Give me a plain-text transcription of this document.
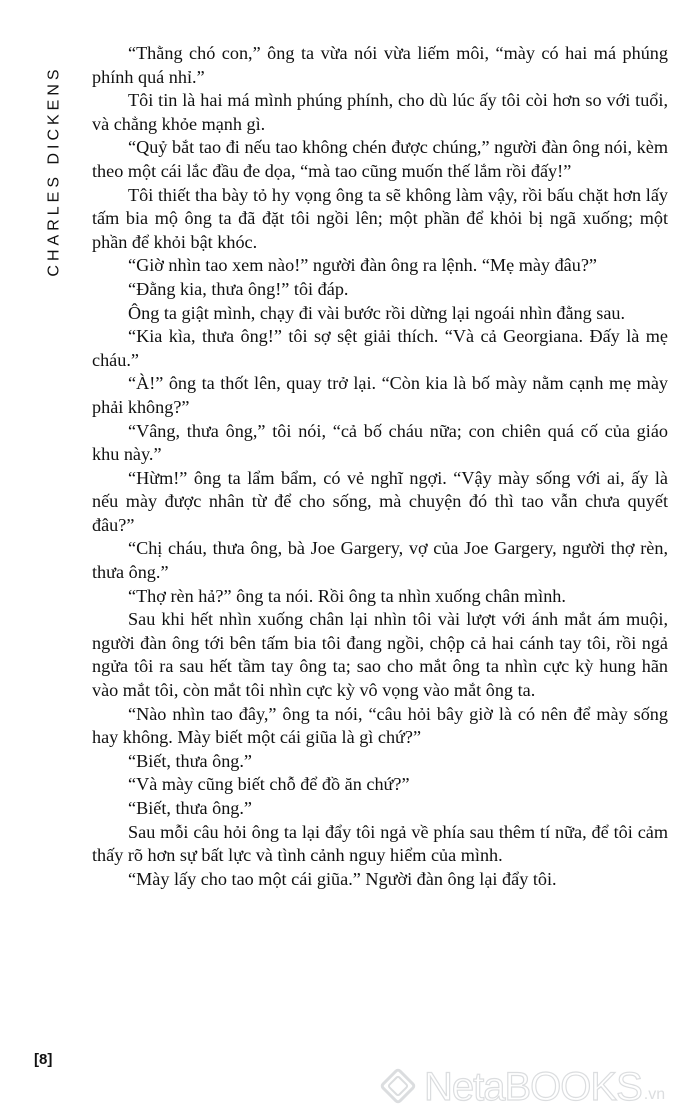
CHARLES DICKENS

“Thằng chó con,” ông ta vừa nói vừa liếm môi, “mày có hai má phúng phính quá nhỉ.”

Tôi tin là hai má mình phúng phính, cho dù lúc ấy tôi còi hơn so với tuổi, và chẳng khỏe mạnh gì.

“Quỷ bắt tao đi nếu tao không chén được chúng,” người đàn ông nói, kèm theo một cái lắc đầu đe dọa, “mà tao cũng muốn thế lắm rồi đấy!”

Tôi thiết tha bày tỏ hy vọng ông ta sẽ không làm vậy, rồi bấu chặt hơn lấy tấm bia mộ ông ta đã đặt tôi ngồi lên; một phần để khỏi bị ngã xuống; một phần để khỏi bật khóc.

“Giờ nhìn tao xem nào!” người đàn ông ra lệnh. “Mẹ mày đâu?”

“Đằng kia, thưa ông!” tôi đáp.

Ông ta giật mình, chạy đi vài bước rồi dừng lại ngoái nhìn đằng sau.

“Kia kìa, thưa ông!” tôi sợ sệt giải thích. “Và cả Georgiana. Đấy là mẹ cháu.”

“À!” ông ta thốt lên, quay trở lại. “Còn kia là bố mày nằm cạnh mẹ mày phải không?”

“Vâng, thưa ông,” tôi nói, “cả bố cháu nữa; con chiên quá cố của giáo khu này.”

“Hừm!” ông ta lẩm bẩm, có vẻ nghĩ ngợi. “Vậy mày sống với ai, ấy là nếu mày được nhân từ để cho sống, mà chuyện đó thì tao vẫn chưa quyết đâu?”

“Chị cháu, thưa ông, bà Joe Gargery, vợ của Joe Gargery, người thợ rèn, thưa ông.”

“Thợ rèn hả?” ông ta nói. Rồi ông ta nhìn xuống chân mình.

Sau khi hết nhìn xuống chân lại nhìn tôi vài lượt với ánh mắt ám muội, người đàn ông tới bên tấm bia tôi đang ngồi, chộp cả hai cánh tay tôi, rồi ngả ngửa tôi ra sau hết tầm tay ông ta; sao cho mắt ông ta nhìn cực kỳ hung hãn vào mắt tôi, còn mắt tôi nhìn cực kỳ vô vọng vào mắt ông ta.

“Nào nhìn tao đây,” ông ta nói, “câu hỏi bây giờ là có nên để mày sống hay không. Mày biết một cái giũa là gì chứ?”

“Biết, thưa ông.”

“Và mày cũng biết chỗ để đồ ăn chứ?”

“Biết, thưa ông.”

Sau mỗi câu hỏi ông ta lại đẩy tôi ngả về phía sau thêm tí nữa, để tôi cảm thấy rõ hơn sự bất lực và tình cảnh nguy hiểm của mình.

“Mày lấy cho tao một cái giũa.” Người đàn ông lại đẩy tôi.

[8]
NetaBOOKS .vn
